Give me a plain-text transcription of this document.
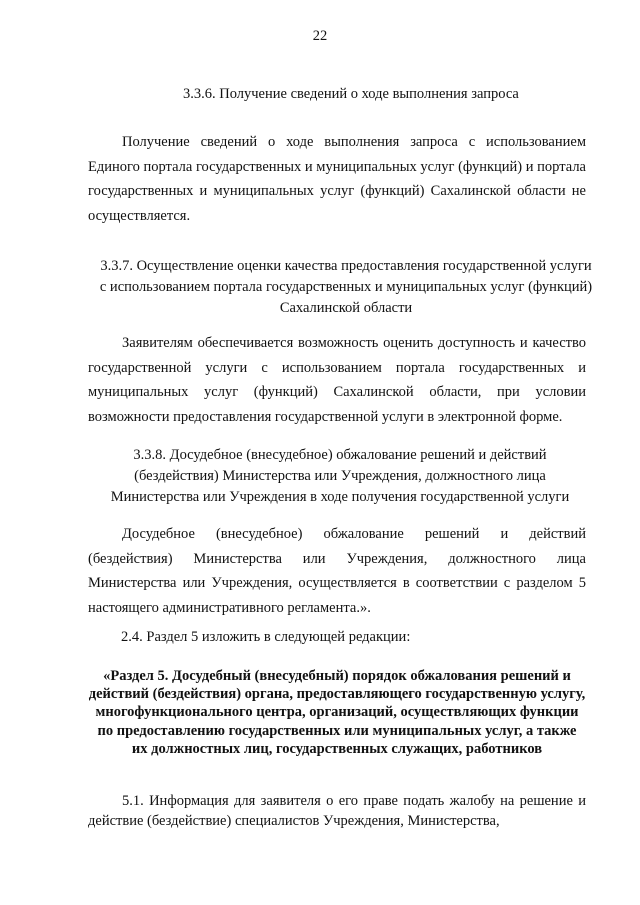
22
3.3.6. Получение сведений о ходе выполнения запроса
Получение сведений о ходе выполнения запроса с использованием Единого портала государственных и муниципальных услуг (функций) и портала государственных и муниципальных услуг (функций) Сахалинской области не осуществляется.
3.3.7. Осуществление оценки качества предоставления государственной услуги с использованием портала государственных и муниципальных услуг (функций) Сахалинской области
Заявителям обеспечивается возможность оценить доступность и качество государственной услуги с использованием портала государственных и муниципальных услуг (функций) Сахалинской области, при условии возможности предоставления государственной услуги в электронной форме.
3.3.8. Досудебное (внесудебное) обжалование решений и действий (бездействия) Министерства или Учреждения, должностного лица Министерства или Учреждения в ходе получения государственной услуги
Досудебное (внесудебное) обжалование решений и действий (бездействия) Министерства или Учреждения, должностного лица Министерства или Учреждения, осуществляется в соответствии с разделом 5 настоящего административного регламента.».
2.4. Раздел 5 изложить в следующей редакции:
«Раздел 5. Досудебный (внесудебный) порядок обжалования решений и действий (бездействия) органа, предоставляющего государственную услугу, многофункционального центра, организаций, осуществляющих функции по предоставлению государственных или муниципальных услуг, а также их должностных лиц, государственных служащих, работников
5.1. Информация для заявителя о его праве подать жалобу на решение и действие (бездействие) специалистов Учреждения, Министерства,
